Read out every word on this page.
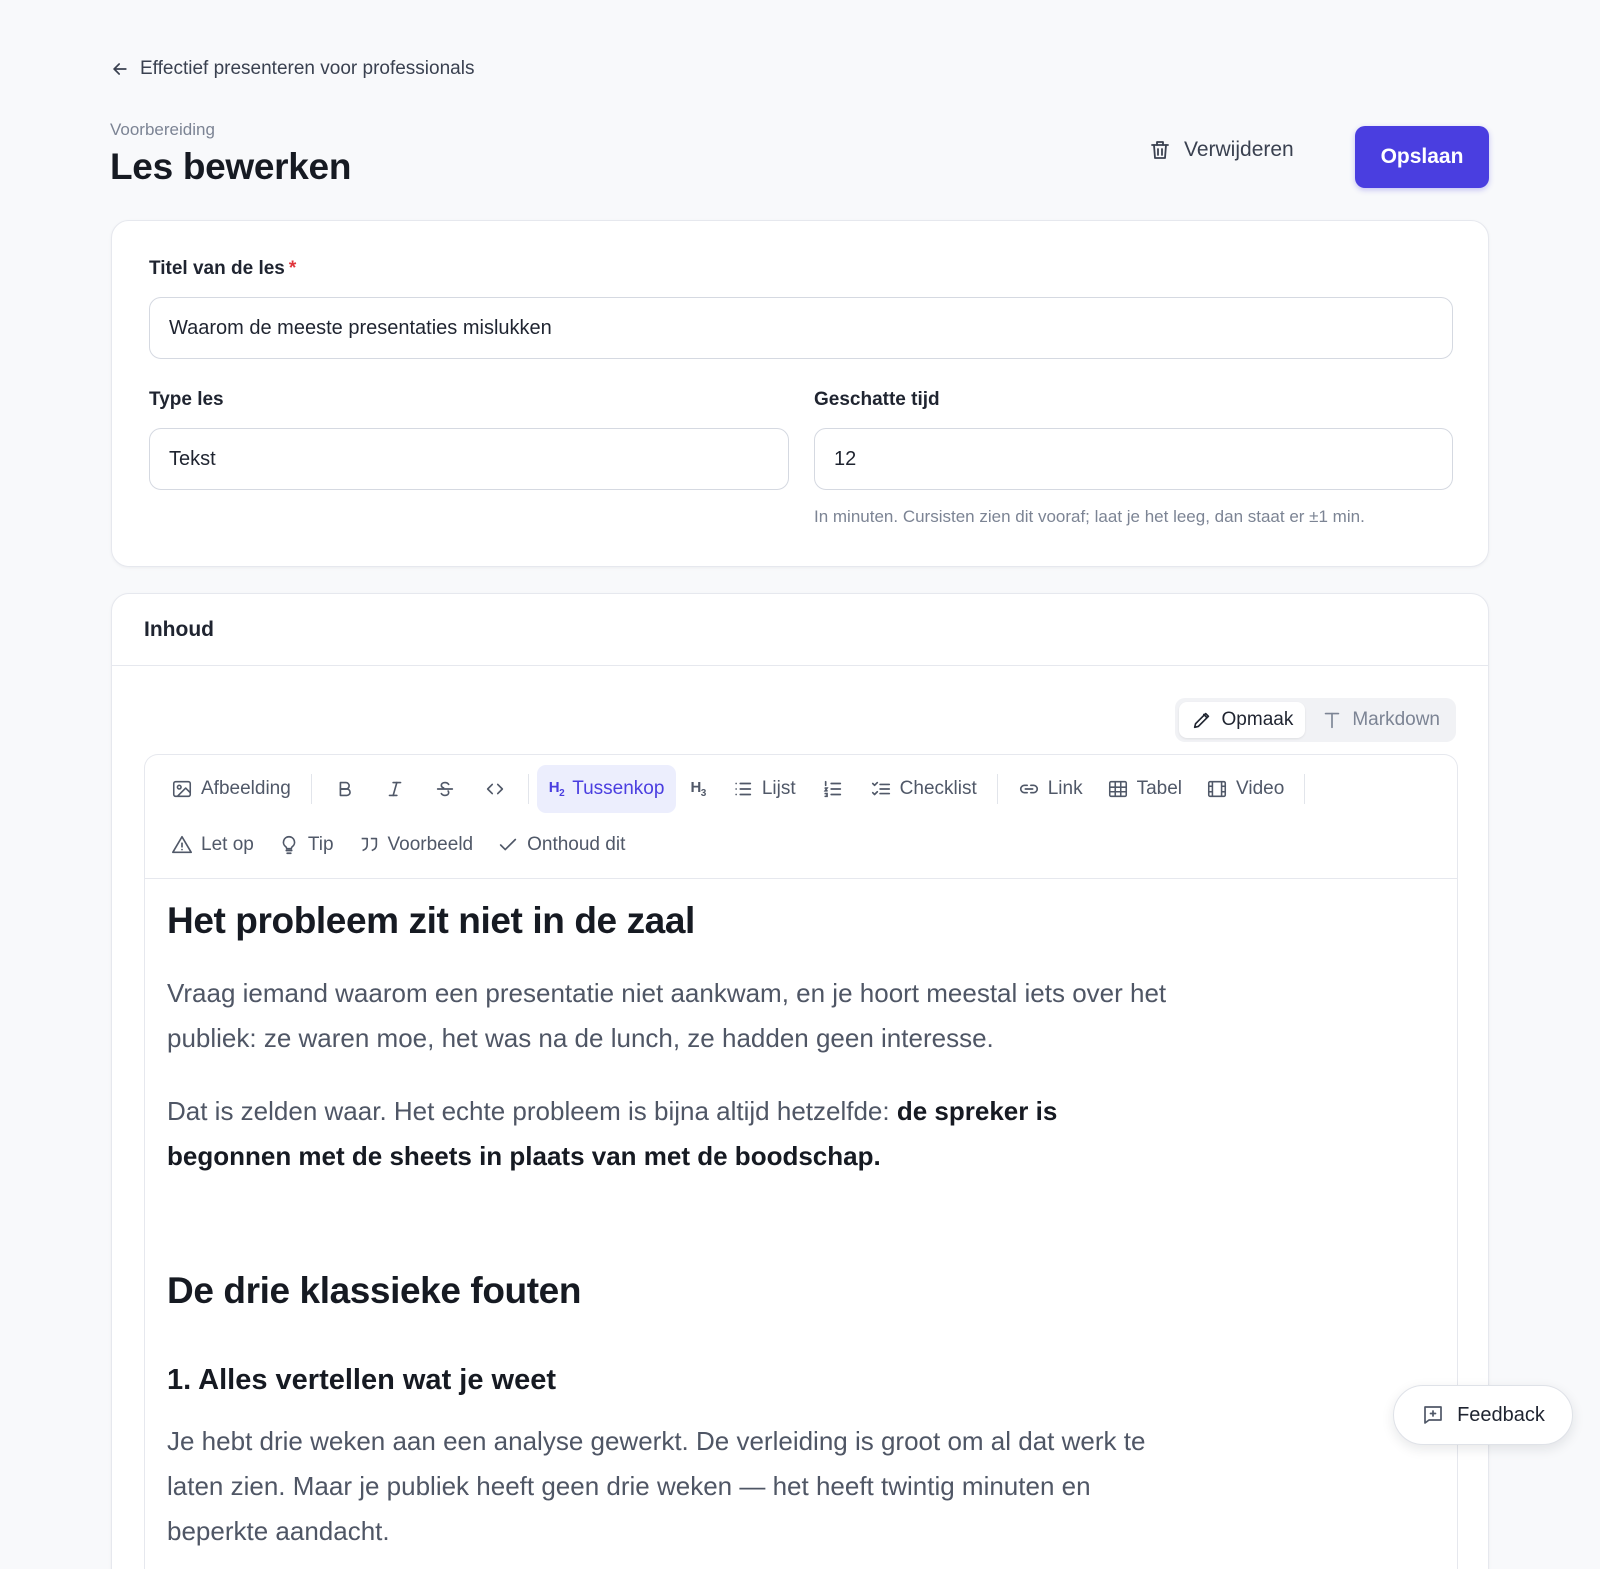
Effectief presenteren voor professionals
Voorbereiding
Les bewerken	Verwijderen	Opslaan
Titel van de les *
Waarom de meeste presentaties mislukken
Type les
Tekst
Geschatte tijd
12
In minuten. Cursisten zien dit vooraf; laat je het leeg, dan staat er ±1 min.
Inhoud
Opmaak	Markdown
Afbeelding	$H_2$ Tussenkop $H_3$	Lijst	Checklist	Link	Tabel	Video
Let op	Tip	Voorbeeld	Onthoud dit
Het probleem zit niet in de zaal

Vraag iemand waarom een presentatie niet aankwam, en je hoort meestal iets over het publiek: ze waren moe, het was na de lunch, ze hadden geen interesse.

Dat is zelden waar. Het echte probleem is bijna altijd hetzelfde: de spreker is begonnen met de sheets in plaats van met de boodschap.

De drie klassieke fouten
1. Alles vertellen wat je weet

Je hebt drie weken aan een analyse gewerkt. De verleiding is groot om al dat werk te laten zien. Maar je publiek heeft geen drie weken — het heeft twintig minuten en beperkte aandacht.

Feedback
